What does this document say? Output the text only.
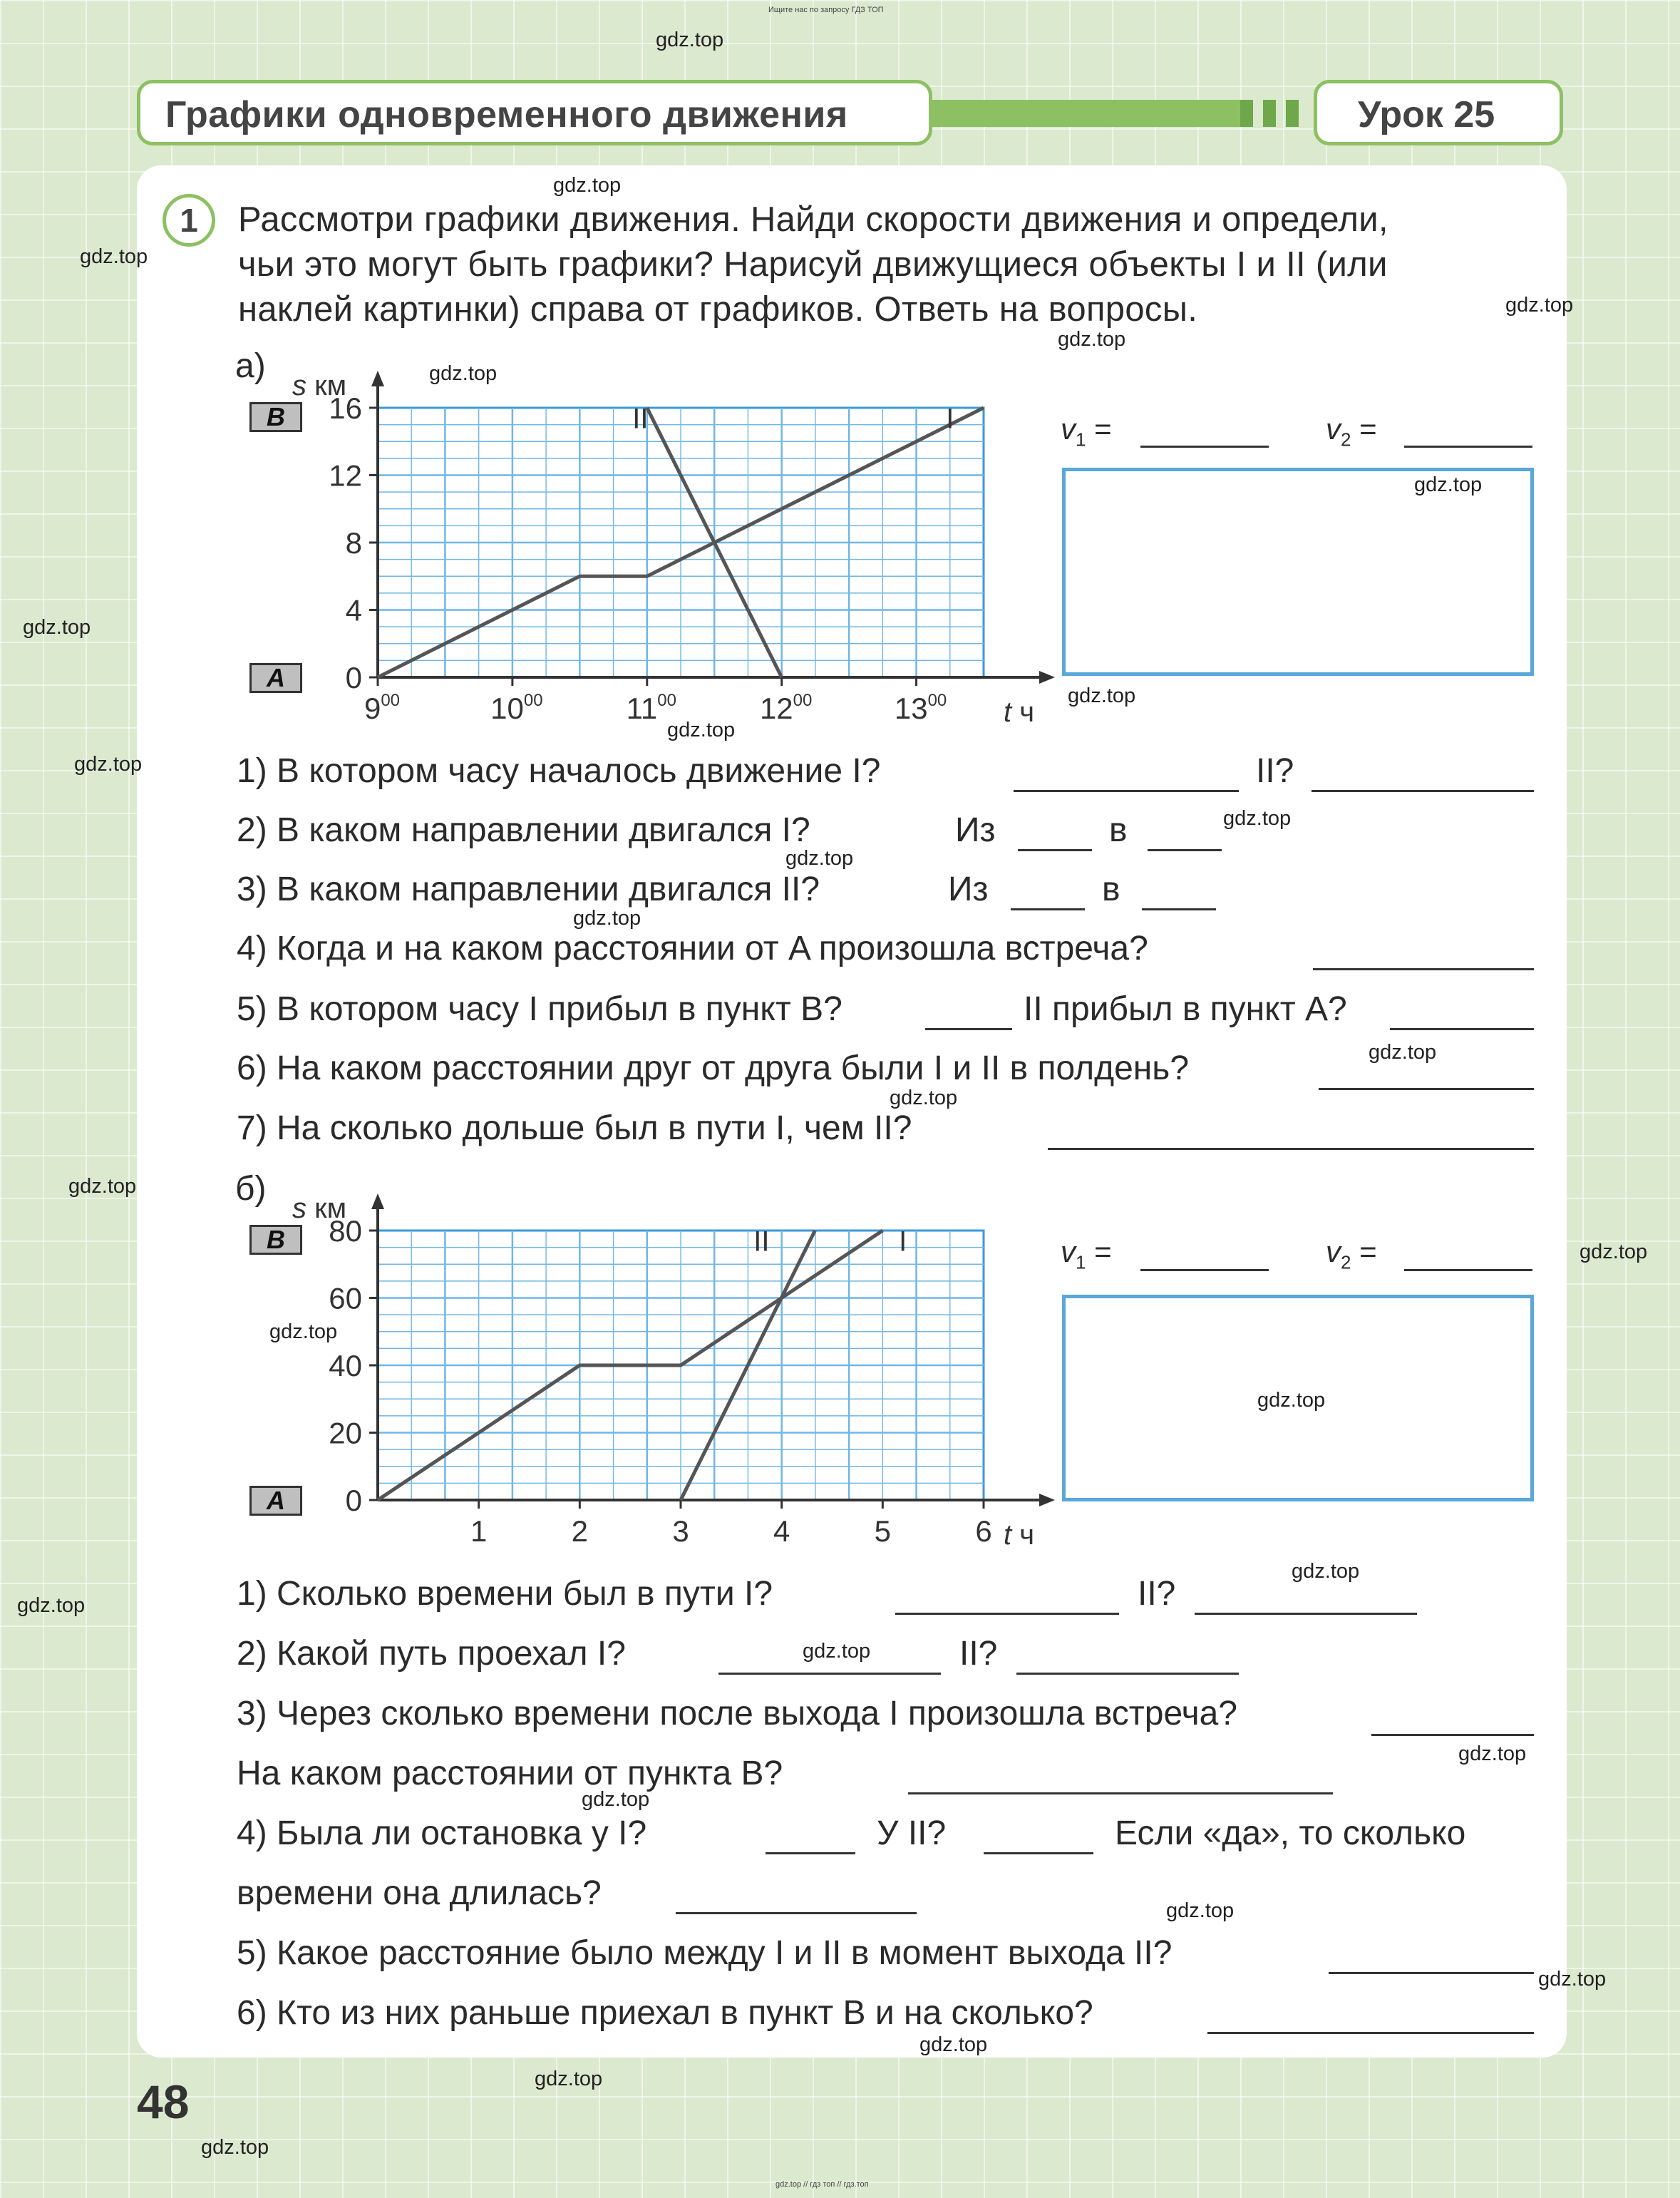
Ищите нас по запросу ГДЗ ТОП
Графики одновременного движения	Урок 25
1	Рассмотри графики движения. Найди скорости движения и определи,
чьи это могут быть графики? Нарисуй движущиеся объекты I и II (или
наклей картинки) справа от графиков. Ответь на вопросы.
а)
B
A	0
4
8
12
16
$9^{00}$	$10^{00}$	$11^{00}$	$12^{00}$	$13^{00}$
s км
t ч
I
II	$v_1$ =	$v_2$ =
1) В котором часу началось движение I?	II?
2) В каком направлении двигался I?	Из	в
3) В каком направлении двигался II?	Из	в
4) Когда и на каком расстоянии от A произошла встреча?
5) В котором часу I прибыл в пункт B?	II прибыл в пункт A?
6) На каком расстоянии друг от друга были I и II в полдень?
7) На сколько дольше был в пути I, чем II?
б)
B
A	0
20
40
60
80
1	2	3	4	5	6
s км
t ч
I
II	$v_1$ =	$v_2$ =
1) Сколько времени был в пути I?	II?
2) Какой путь проехал I?	II?
3) Через сколько времени после выхода I произошла встреча?
На каком расстоянии от пункта B?
4) Была ли остановка у I?	У II?	Если «да», то сколько
времени она длилась?
5) Какое расстояние было между I и II в момент выхода II?
6) Кто из них раньше приехал в пункт B и на сколько?
48
gdz.top // гдз топ // гдз.топ
gdz.top
gdz.top
gdz.top
gdz.top
gdz.top
gdz.top
gdz.top
gdz.top
gdz.top
gdz.top
gdz.top
gdz.top
gdz.top
gdz.top
gdz.top
gdz.top
gdz.top
gdz.top
gdz.top
gdz.top
gdz.top
gdz.top
gdz.top
gdz.top
gdz.top
gdz.top
gdz.top
gdz.top
gdz.top
gdz.top
